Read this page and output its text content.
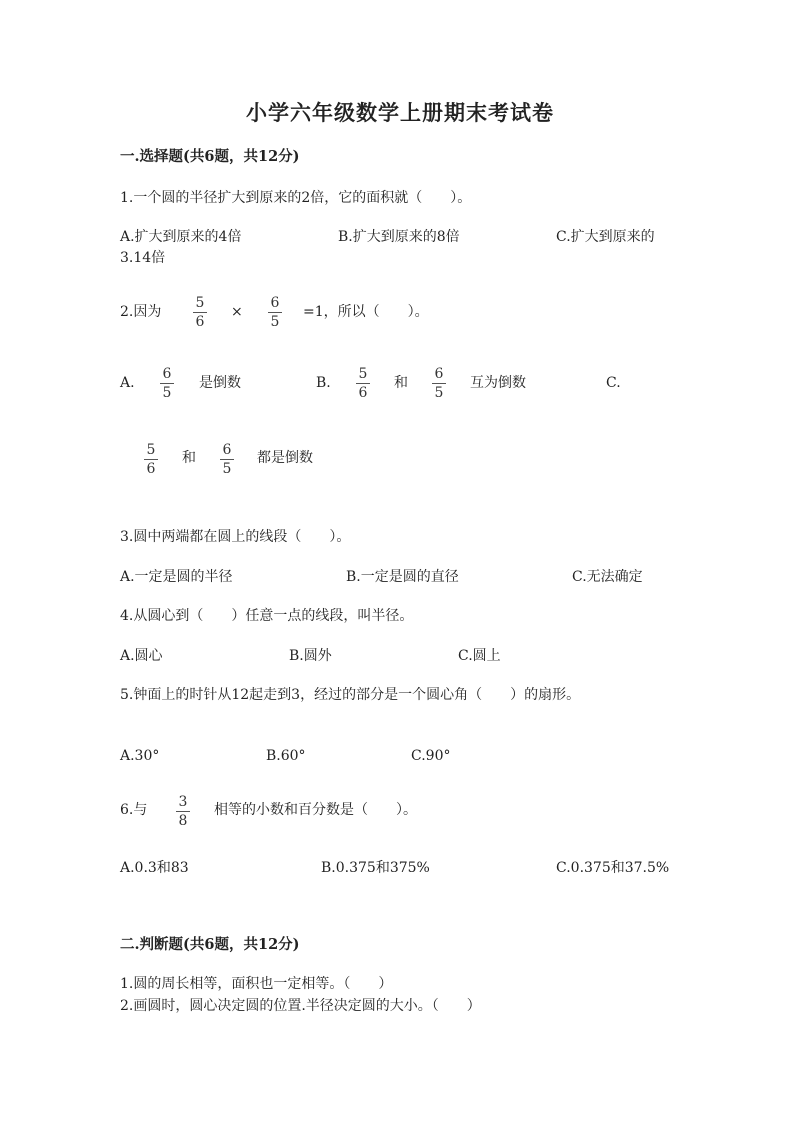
小学六年级数学上册期末考试卷
一.选择题(共6题，共12分)
1.一个圆的半径扩大到原来的2倍，它的面积就（　　）。
A.扩大到原来的4倍	B.扩大到原来的8倍	C.扩大到原来的
3.14倍
2.因为
5
6
×
6
5
=1，所以（　　）。
A.
6
5
是倒数	B.
5
6
和
6
5
互为倒数	C.
5
6
和 6
5
都是倒数
3.圆中两端都在圆上的线段（　　）。
A.一定是圆的半径	B.一定是圆的直径	C.无法确定
4.从圆心到（　　）任意一点的线段，叫半径。
A.圆心	B.圆外	C.圆上
5.钟面上的时针从12起走到3，经过的部分是一个圆心角（　　）的扇形。
A.30°	B.60°	C.90°
6.与 3
8
相等的小数和百分数是（　　）。
A.0.3和83	B.0.375和375%	C.0.375和37.5%
二.判断题(共6题，共12分)
1.圆的周长相等，面积也一定相等。（　　）
2.画圆时，圆心决定圆的位置.半径决定圆的大小。（　　）
